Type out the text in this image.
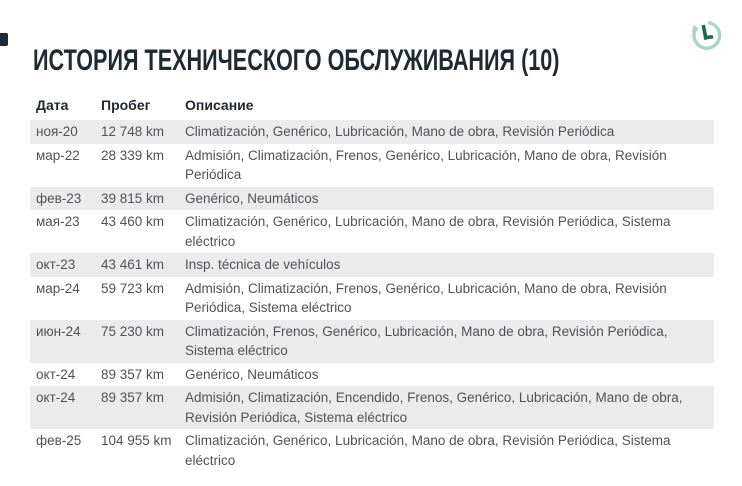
ИСТОРИЯ ТЕХНИЧЕСКОГО ОБСЛУЖИВАНИЯ (10)
Дата	Пробег	Описание
ноя-20	12 748 km	Climatización, Genérico, Lubricación, Mano de obra, Revisión Periódica
мар-22	28 339 km	Admisión, Climatización, Frenos, Genérico, Lubricación, Mano de obra, Revisión Periódica
фев-23	39 815 km	Genérico, Neumáticos
мая-23	43 460 km	Climatización, Genérico, Lubricación, Mano de obra, Revisión Periódica, Sistema eléctrico
окт-23	43 461 km	Insp. técnica de vehículos
мар-24	59 723 km	Admisión, Climatización, Frenos, Genérico, Lubricación, Mano de obra, Revisión Periódica, Sistema eléctrico
июн-24	75 230 km	Climatización, Frenos, Genérico, Lubricación, Mano de obra, Revisión Periódica, Sistema eléctrico
окт-24	89 357 km	Genérico, Neumáticos
окт-24	89 357 km	Admisión, Climatización, Encendido, Frenos, Genérico, Lubricación, Mano de obra, Revisión Periódica, Sistema eléctrico
фев-25	104 955 km	Climatización, Genérico, Lubricación, Mano de obra, Revisión Periódica, Sistema eléctrico
